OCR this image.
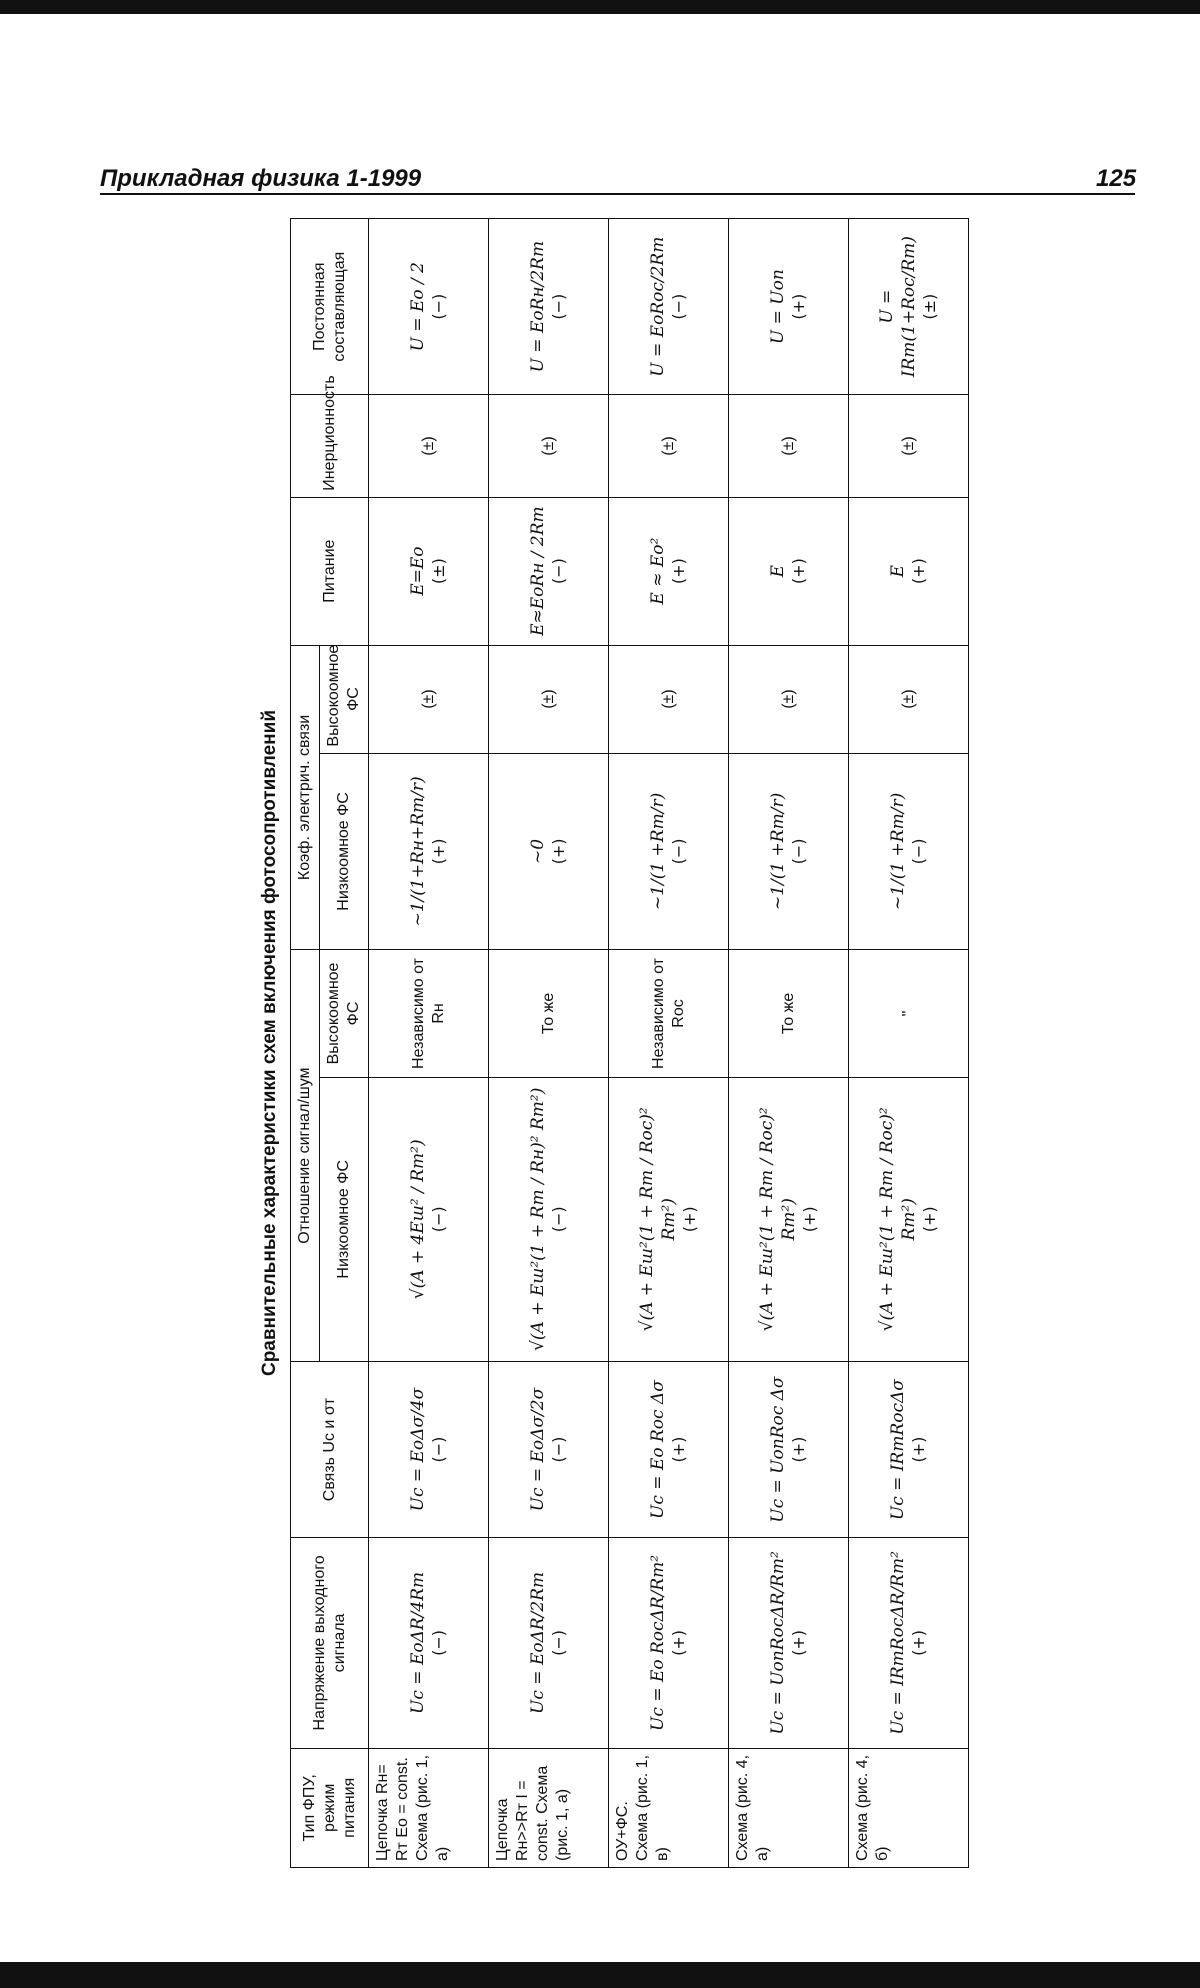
Прикладная физика 1-1999	125
Сравнительные характеристики схем включения фотосопротивлений
Тип ФПУ, режим питания	Напряжение выходного сигнала	Связь Uc и σт	Отношение сигнал/шум		Коэф. электрич. связи		Питание	Инерционность	Постоянная составляющая
			Низкоомное ФС	Высокоомное ФС	Низкоомное ФС	Высокоомное ФС			
Цепочка Rн= Rт Eo = const. Схема (рис. 1, а)	Uc = EoΔR/4Rт (−)	Uc = EoΔσ/4σ (−)	√(A + 4Eш² / Rт²) (−)	Независимо от Rн	~1/(1+Rн+Rт/r) (+)	(±)	E=Eo (±)	(±)	U = Eo / 2 (−)

Цепочка Rн>>Rт I = const. Схема (рис. 1, а)	Uc = EoΔR/2Rт (−)	Uc = EoΔσ/2σ (−)	√(A + Eш²(1 + Rт / Rн)² Rт²) (−)	То же	~0 (+)	(±)	E≈EoRн / 2Rт (−)	(±)	U = EoRн/2Rт (−)

ОУ+ФС. Схема (рис. 1, в)	Uc = Eo RocΔR/Rт² (+)	Uc = Eo Roc Δσ (+)	√(A + Eш²(1 + Rт / Roc)² Rт²) (+)	Независимо от Roc	~1/(1 +Rт/r) (−)	(±)	E ≈ Eo² (+)	(±)	U = EoRoc/2Rт (−)

Схема (рис. 4, а)	Uc = UопRocΔR/Rт² (+)	Uc = UопRoc Δσ (+)	√(A + Eш²(1 + Rт / Roc)² Rт²) (+)	То же	~1/(1 +Rт/r) (−)	(±)	E (+)	(±)	U = Uоп (+)

Схема (рис. 4, б)	Uc = IRтRocΔR/Rт² (+)	Uc = IRтRocΔσ (+)	√(A + Eш²(1 + Rт / Roc)² Rт²) (+)	"	~1/(1 +Rт/r) (−)	(±)	E (+)	(±)	U = IRт(1+Roc/Rт) (±)
